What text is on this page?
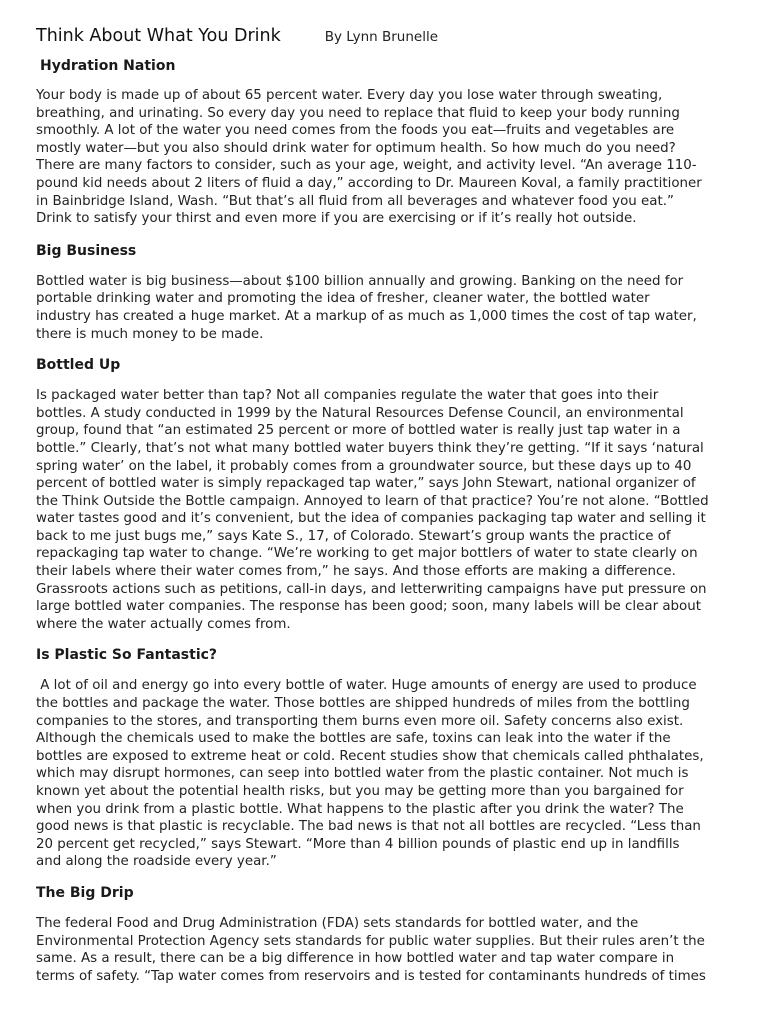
Think About What You Drink	By Lynn Brunelle
Hydration Nation

Your body is made up of about 65 percent water. Every day you lose water through sweating,
breathing, and urinating. So every day you need to replace that fluid to keep your body running
smoothly. A lot of the water you need comes from the foods you eat—fruits and vegetables are
mostly water—but you also should drink water for optimum health. So how much do you need?
There are many factors to consider, such as your age, weight, and activity level. “An average 110-
pound kid needs about 2 liters of fluid a day,” according to Dr. Maureen Koval, a family practitioner
in Bainbridge Island, Wash. “But that’s all fluid from all beverages and whatever food you eat.”
Drink to satisfy your thirst and even more if you are exercising or if it’s really hot outside.

Big Business

Bottled water is big business—about $100 billion annually and growing. Banking on the need for
portable drinking water and promoting the idea of fresher, cleaner water, the bottled water
industry has created a huge market. At a markup of as much as 1,000 times the cost of tap water,
there is much money to be made.

Bottled Up

Is packaged water better than tap? Not all companies regulate the water that goes into their
bottles. A study conducted in 1999 by the Natural Resources Defense Council, an environmental
group, found that “an estimated 25 percent or more of bottled water is really just tap water in a
bottle.” Clearly, that’s not what many bottled water buyers think they’re getting. “If it says ‘natural
spring water’ on the label, it probably comes from a groundwater source, but these days up to 40
percent of bottled water is simply repackaged tap water,” says John Stewart, national organizer of
the Think Outside the Bottle campaign. Annoyed to learn of that practice? You’re not alone. “Bottled
water tastes good and it’s convenient, but the idea of companies packaging tap water and selling it
back to me just bugs me,” says Kate S., 17, of Colorado. Stewart’s group wants the practice of
repackaging tap water to change. “We’re working to get major bottlers of water to state clearly on
their labels where their water comes from,” he says. And those efforts are making a difference.
Grassroots actions such as petitions, call-in days, and letterwriting campaigns have put pressure on
large bottled water companies. The response has been good; soon, many labels will be clear about
where the water actually comes from.

Is Plastic So Fantastic?

A lot of oil and energy go into every bottle of water. Huge amounts of energy are used to produce
the bottles and package the water. Those bottles are shipped hundreds of miles from the bottling
companies to the stores, and transporting them burns even more oil. Safety concerns also exist.
Although the chemicals used to make the bottles are safe, toxins can leak into the water if the
bottles are exposed to extreme heat or cold. Recent studies show that chemicals called phthalates,
which may disrupt hormones, can seep into bottled water from the plastic container. Not much is
known yet about the potential health risks, but you may be getting more than you bargained for
when you drink from a plastic bottle. What happens to the plastic after you drink the water? The
good news is that plastic is recyclable. The bad news is that not all bottles are recycled. “Less than
20 percent get recycled,” says Stewart. “More than 4 billion pounds of plastic end up in landfills
and along the roadside every year.”

The Big Drip

The federal Food and Drug Administration (FDA) sets standards for bottled water, and the
Environmental Protection Agency sets standards for public water supplies. But their rules aren’t the
same. As a result, there can be a big difference in how bottled water and tap water compare in
terms of safety. “Tap water comes from reservoirs and is tested for contaminants hundreds of times
